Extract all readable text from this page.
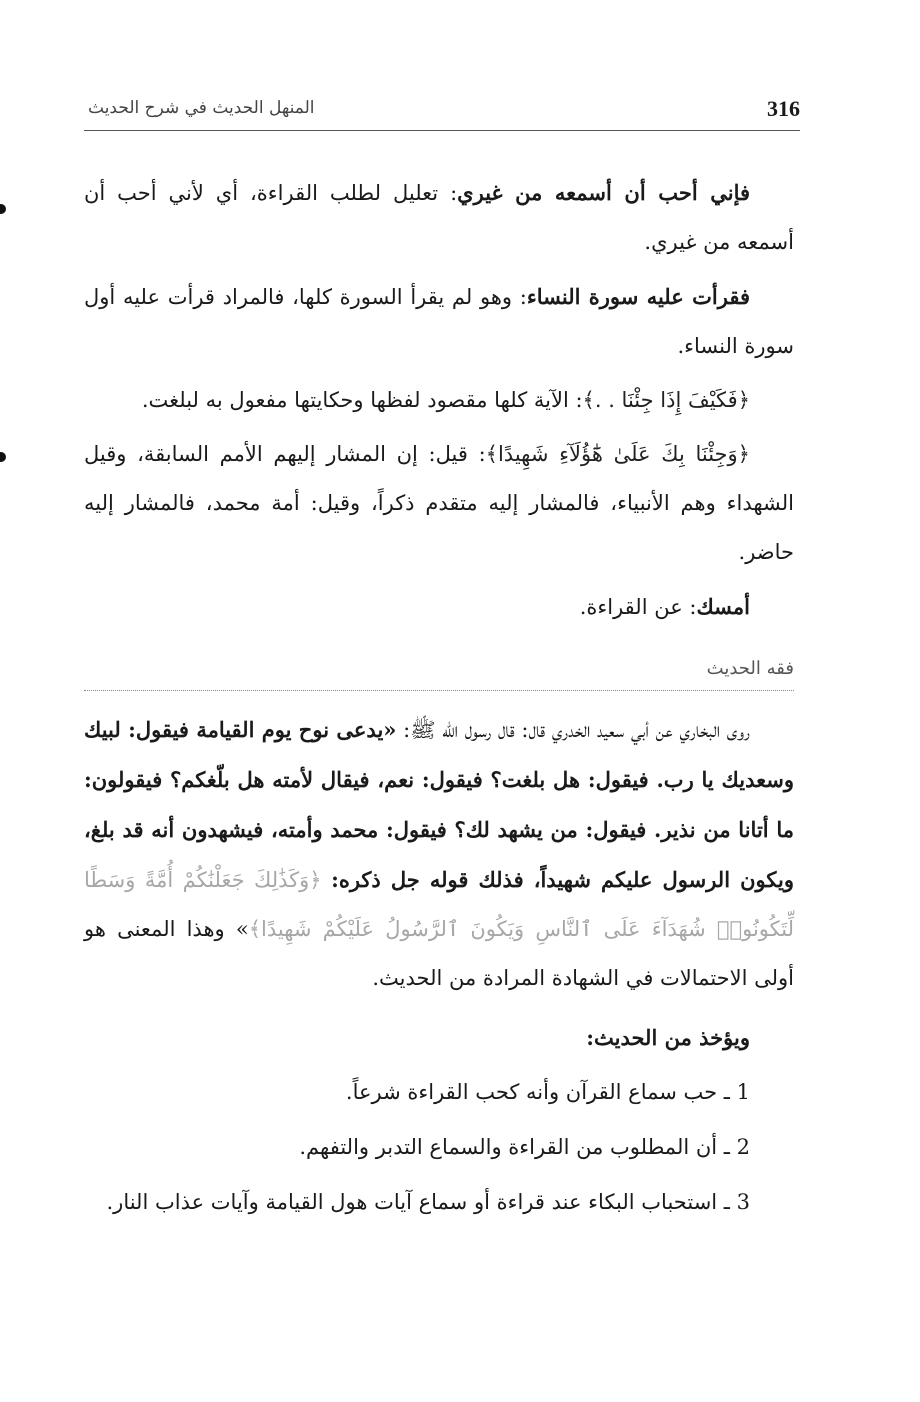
316
المنهل الحديث في شرح الحديث

فإني أحب أن أسمعه من غيري: تعليل لطلب القراءة، أي لأني أحب أن أسمعه من غيري.

فقرأت عليه سورة النساء: وهو لم يقرأ السورة كلها، فالمراد قرأت عليه أول سورة النساء.

﴿فَكَيْفَ إِذَا جِئْنَا . .﴾: الآية كلها مقصود لفظها وحكايتها مفعول به لبلغت.

﴿وَجِئْنَا بِكَ عَلَىٰ هَٰٓؤُلَآءِ شَهِيدًا﴾: قيل: إن المشار إليهم الأمم السابقة، وقيل الشهداء وهم الأنبياء، فالمشار إليه متقدم ذكراً، وقيل: أمة محمد، فالمشار إليه حاضر.

أمسك: عن القراءة.

فقه الحديث

روى البخاري عن أبي سعيد الخدري قال: قال رسول الله ﷺ: «يدعى نوح يوم القيامة فيقول: لبيك وسعديك يا رب. فيقول: هل بلغت؟ فيقول: نعم، فيقال لأمته هل بلّغكم؟ فيقولون: ما أتانا من نذير. فيقول: من يشهد لك؟ فيقول: محمد وأمته، فيشهدون أنه قد بلغ، ويكون الرسول عليكم شهيداً، فذلك قوله جل ذكره: ﴿وَكَذَٰلِكَ جَعَلْنَٰكُمْ أُمَّةً وَسَطًا لِّتَكُونُوا۟ شُهَدَآءَ عَلَى ٱلنَّاسِ وَيَكُونَ ٱلرَّسُولُ عَلَيْكُمْ شَهِيدًا﴾» وهذا المعنى هو أولى الاحتمالات في الشهادة المرادة من الحديث.

ويؤخذ من الحديث:

1 ـ حب سماع القرآن وأنه كحب القراءة شرعاً.

2 ـ أن المطلوب من القراءة والسماع التدبر والتفهم.

3 ـ استحباب البكاء عند قراءة أو سماع آيات هول القيامة وآيات عذاب النار.
